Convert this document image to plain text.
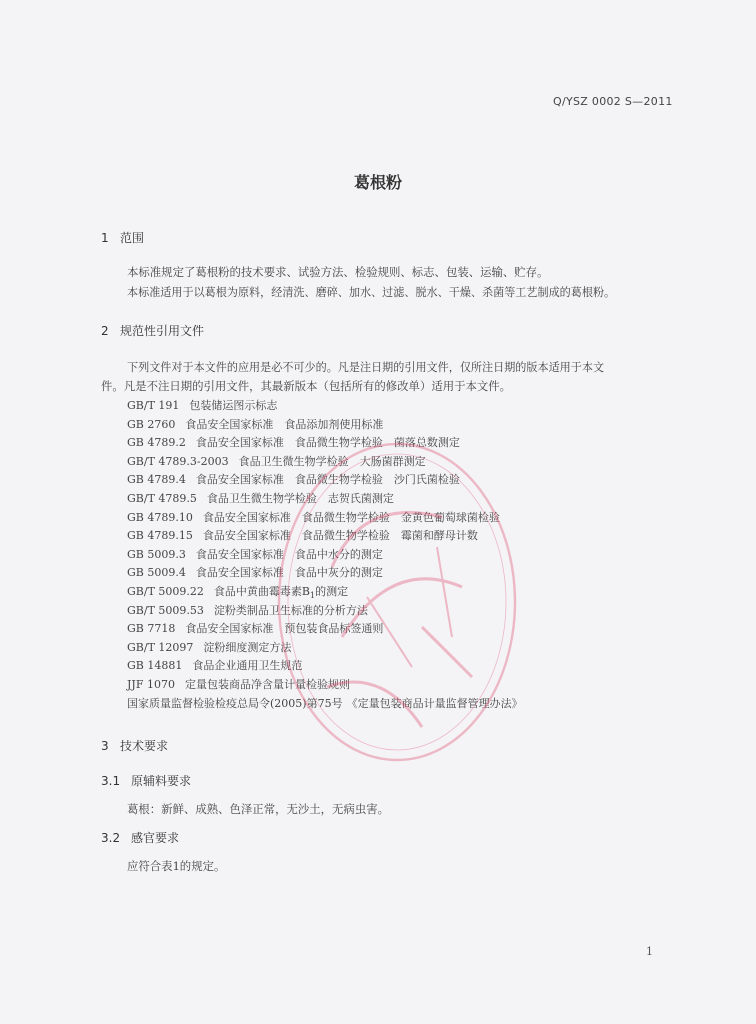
Q/YSZ 0002 S—2011
葛根粉
1 范围
本标准规定了葛根粉的技术要求、试验方法、检验规则、标志、包装、运输、贮存。
本标准适用于以葛根为原料，经清洗、磨碎、加水、过滤、脱水、干燥、杀菌等工艺制成的葛根粉。
2 规范性引用文件
下列文件对于本文件的应用是必不可少的。凡是注日期的引用文件，仅所注日期的版本适用于本文
件。凡是不注日期的引用文件，其最新版本（包括所有的修改单）适用于本文件。
GB/T 191 包装储运图示标志
GB 2760 食品安全国家标准　食品添加剂使用标准
GB 4789.2 食品安全国家标准　食品微生物学检验　菌落总数测定
GB/T 4789.3-2003 食品卫生微生物学检验　大肠菌群测定
GB 4789.4 食品安全国家标准　食品微生物学检验　沙门氏菌检验
GB/T 4789.5 食品卫生微生物学检验　志贺氏菌测定
GB 4789.10 食品安全国家标准　食品微生物学检验　金黄色葡萄球菌检验
GB 4789.15 食品安全国家标准　食品微生物学检验　霉菌和酵母计数
GB 5009.3 食品安全国家标准　食品中水分的测定
GB 5009.4 食品安全国家标准　食品中灰分的测定
GB/T 5009.22 食品中黄曲霉毒素$B_1$的测定
GB/T 5009.53 淀粉类制品卫生标准的分析方法
GB 7718 食品安全国家标准　预包装食品标签通则
GB/T 12097 淀粉细度测定方法
GB 14881 食品企业通用卫生规范
JJF 1070 定量包装商品净含量计量检验规则
国家质量监督检验检疫总局令(2005)第75号 《定量包装商品计量监督管理办法》
3 技术要求
3.1 原辅料要求
葛根：新鲜、成熟、色泽正常，无沙土，无病虫害。
3.2 感官要求
应符合表1的规定。
1
